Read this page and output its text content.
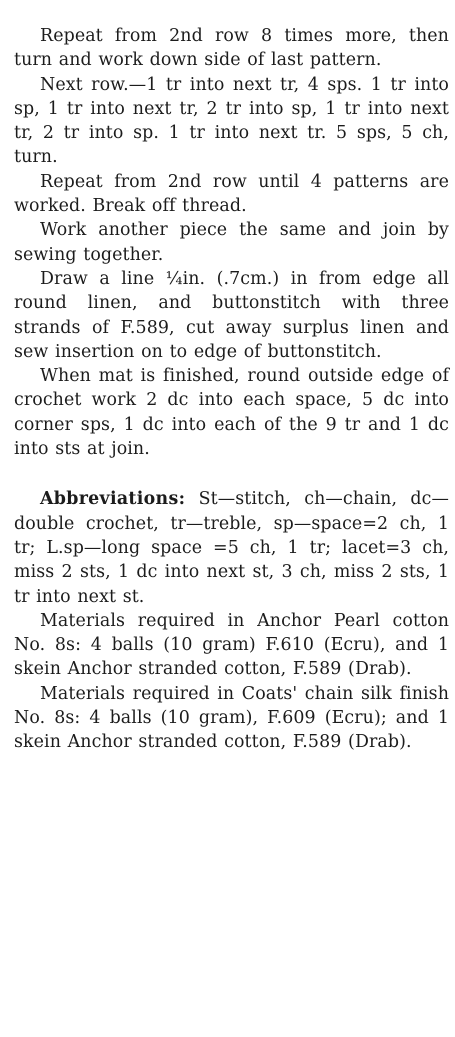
Repeat from 2nd row 8 times more, then turn and work down side of last pattern.

Next row.—1 tr into next tr, 4 sps. 1 tr into sp, 1 tr into next tr, 2 tr into sp, 1 tr into next tr, 2 tr into sp. 1 tr into next tr. 5 sps, 5 ch, turn.

Repeat from 2nd row until 4 patterns are worked. Break off thread.

Work another piece the same and join by sewing together.

Draw a line ¼in. (.7cm.) in from edge all round linen, and buttonstitch with three strands of F.589, cut away surplus linen and sew insertion on to edge of buttonstitch.

When mat is finished, round outside edge of crochet work 2 dc into each space, 5 dc into corner sps, 1 dc into each of the 9 tr and 1 dc into sts at join.

Abbreviations: St—stitch, ch—chain, dc—double crochet, tr—treble, sp—space=2 ch, 1 tr; L.sp—long space =5 ch, 1 tr; lacet=3 ch, miss 2 sts, 1 dc into next st, 3 ch, miss 2 sts, 1 tr into next st.

Materials required in Anchor Pearl cotton No. 8s: 4 balls (10 gram) F.610 (Ecru), and 1 skein Anchor stranded cotton, F.589 (Drab).

Materials required in Coats' chain silk finish No. 8s: 4 balls (10 gram), F.609 (Ecru); and 1 skein Anchor stranded cotton, F.589 (Drab).
